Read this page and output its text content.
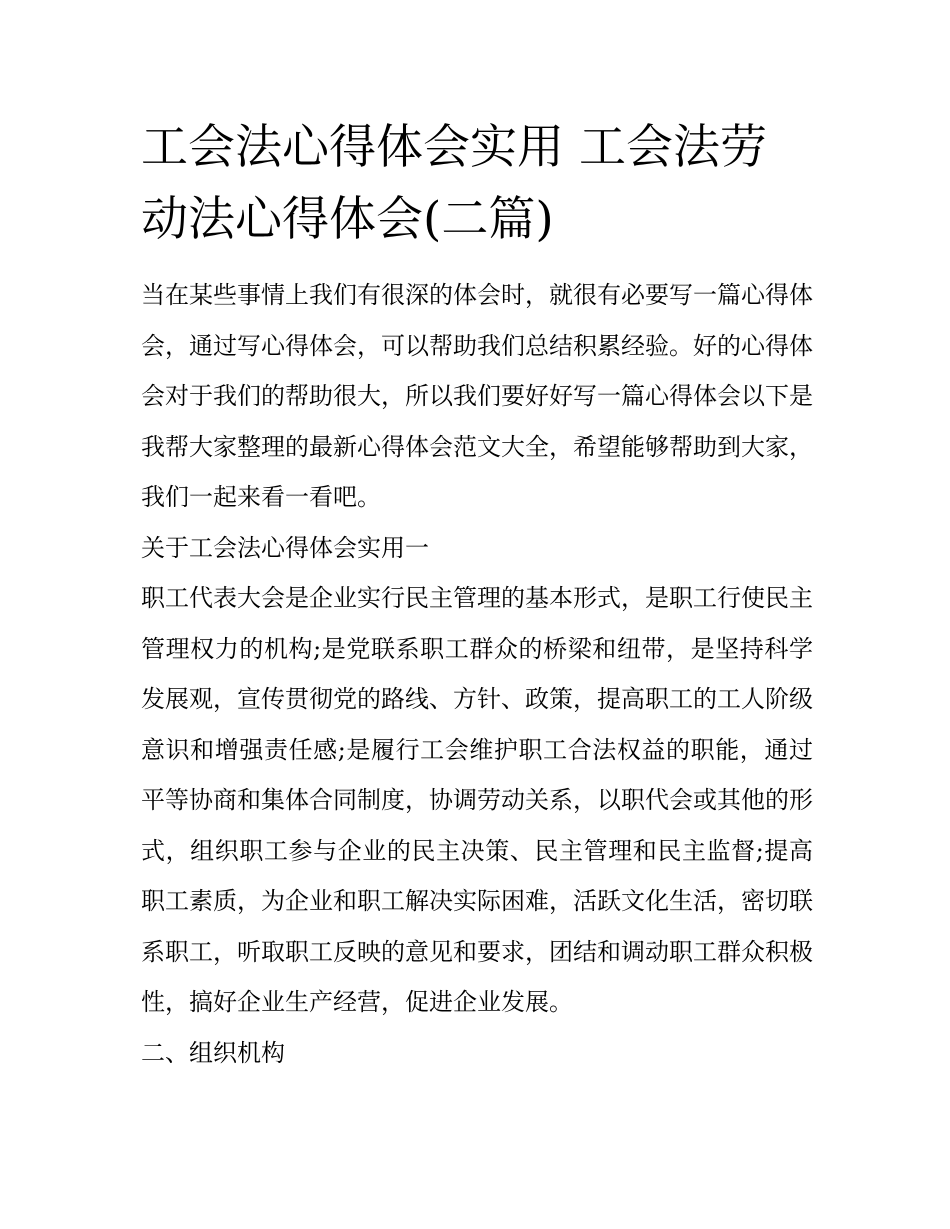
工会法心得体会实用 工会法劳动法心得体会(二篇)

当在某些事情上我们有很深的体会时，就很有必要写一篇心得体会，通过写心得体会，可以帮助我们总结积累经验。好的心得体会对于我们的帮助很大，所以我们要好好写一篇心得体会以下是我帮大家整理的最新心得体会范文大全，希望能够帮助到大家，我们一起来看一看吧。

关于工会法心得体会实用一

职工代表大会是企业实行民主管理的基本形式，是职工行使民主管理权力的机构;是党联系职工群众的桥梁和纽带，是坚持科学发展观，宣传贯彻党的路线、方针、政策，提高职工的工人阶级意识和增强责任感;是履行工会维护职工合法权益的职能，通过平等协商和集体合同制度，协调劳动关系，以职代会或其他的形式，组织职工参与企业的民主决策、民主管理和民主监督;提高职工素质，为企业和职工解决实际困难，活跃文化生活，密切联系职工，听取职工反映的意见和要求，团结和调动职工群众积极性，搞好企业生产经营，促进企业发展。

二、组织机构
